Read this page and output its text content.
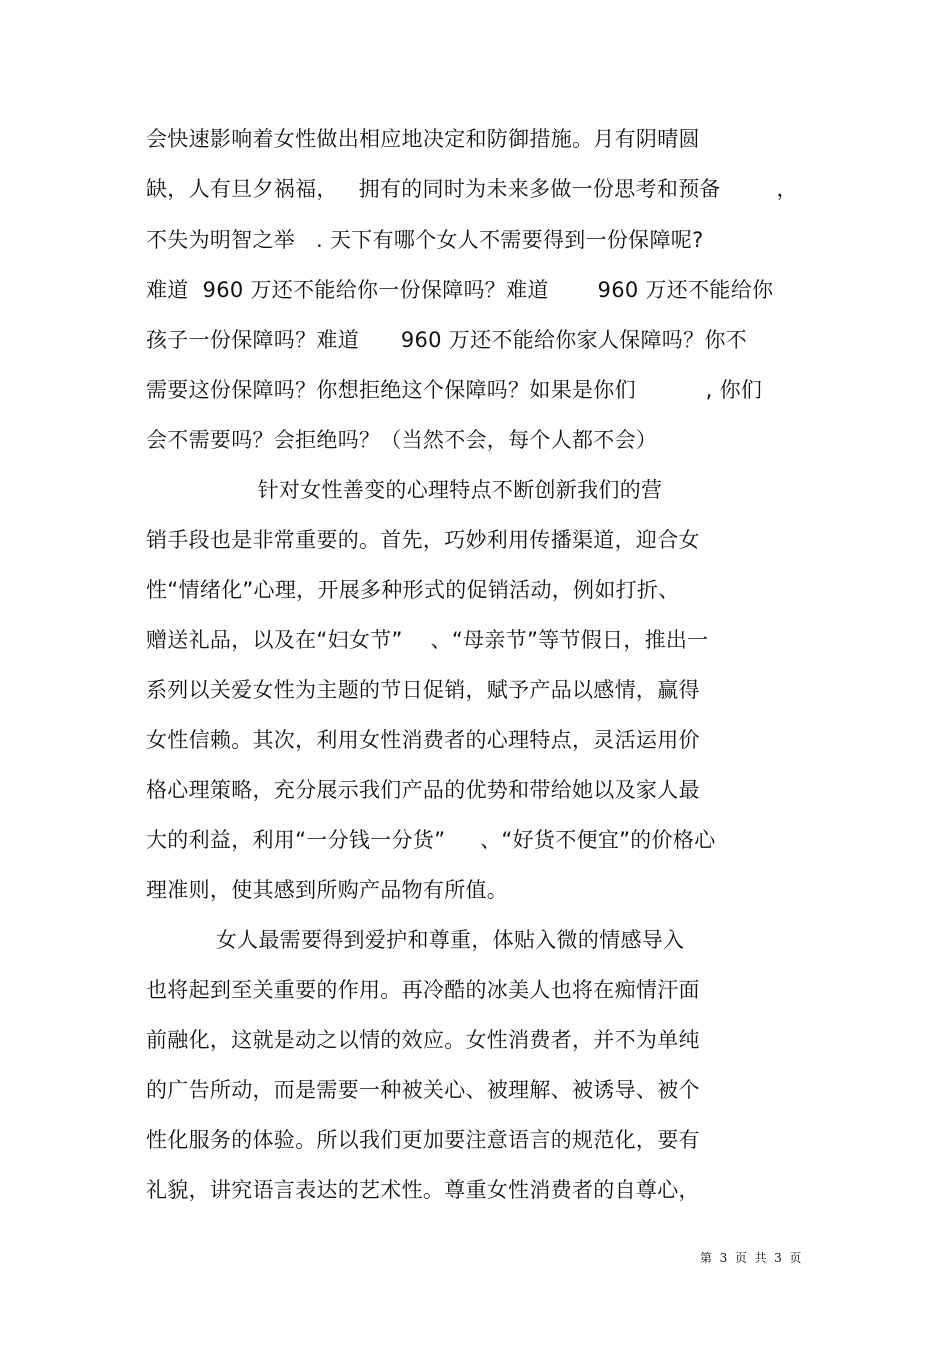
会快速影响着女性做出相应地决定和防御措施。月有阴晴圆
缺，人有旦夕祸福，   拥有的同时为未来多做一份思考和预备        ，
不失为明智之举   . 天下有哪个女人不需要得到一份保障呢?
难道  960 万还不能给你一份保障吗？难道       960 万还不能给你
孩子一份保障吗？难道      960 万还不能给你家人保障吗？你不
需要这份保障吗？你想拒绝这个保障吗？如果是你们          , 你们
会不需要吗？会拒绝吗？（当然不会，每个人都不会）
针对女性善变的心理特点不断创新我们的营
销手段也是非常重要的。首先，巧妙利用传播渠道，迎合女
性“情绪化”心理，开展多种形式的促销活动，例如打折、
赠送礼品，以及在“妇女节”    、“母亲节”等节假日，推出一
系列以关爱女性为主题的节日促销，赋予产品以感情，赢得
女性信赖。其次，利用女性消费者的心理特点，灵活运用价
格心理策略，充分展示我们产品的优势和带给她以及家人最
大的利益，利用“一分钱一分货”     、“好货不便宜”的价格心
理准则，使其感到所购产品物有所值。
女人最需要得到爱护和尊重，体贴入微的情感导入
也将起到至关重要的作用。再冷酷的冰美人也将在痴情汗面
前融化，这就是动之以情的效应。女性消费者，并不为单纯
的广告所动，而是需要一种被关心、被理解、被诱导、被个
性化服务的体验。所以我们更加要注意语言的规范化，要有
礼貌，讲究语言表达的艺术性。尊重女性消费者的自尊心，
第  3  页  共  3  页
